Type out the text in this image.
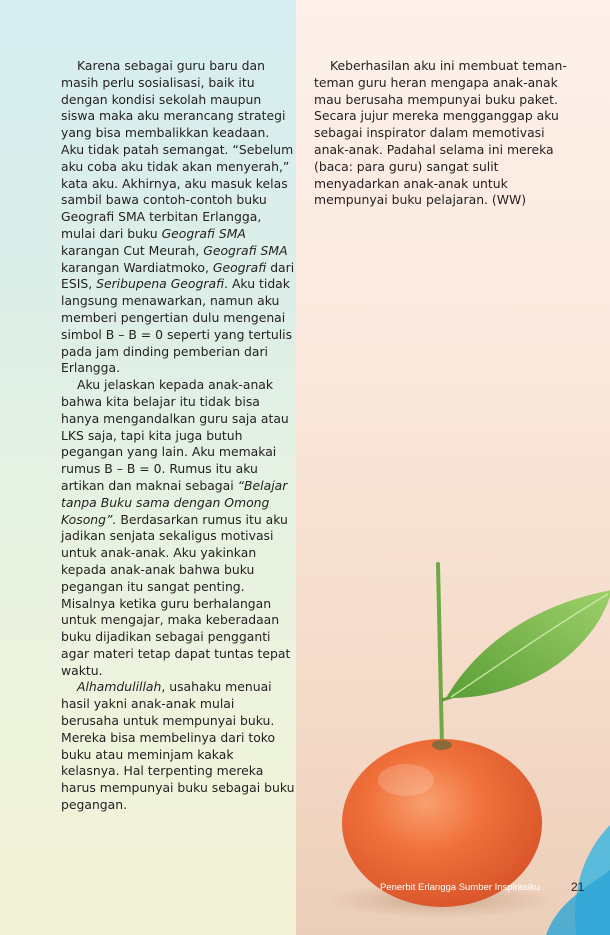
Karena sebagai guru baru dan masih perlu sosialisasi, baik itu dengan kondisi sekolah maupun siswa maka aku merancang strategi yang bisa membalikkan keadaan. Aku tidak patah semangat. “Sebelum aku coba aku tidak akan menyerah,” kata aku. Akhirnya, aku masuk kelas sambil bawa contoh-contoh buku Geografi SMA terbitan Erlangga, mulai dari buku Geografi SMA karangan Cut Meurah, Geografi SMA karangan Wardiatmoko, Geografi dari ESIS, Seribupena Geografi. Aku tidak langsung menawarkan, namun aku memberi pengertian dulu mengenai simbol B – B = 0 seperti yang tertulis pada jam dinding pemberian dari Erlangga.

Aku jelaskan kepada anak-anak bahwa kita belajar itu tidak bisa hanya mengandalkan guru saja atau LKS saja, tapi kita juga butuh pegangan yang lain. Aku memakai rumus B – B = 0. Rumus itu aku artikan dan maknai sebagai “Belajar tanpa Buku sama dengan Omong Kosong”. Berdasarkan rumus itu aku jadikan senjata sekaligus motivasi untuk anak-anak. Aku yakinkan kepada anak-anak bahwa buku pegangan itu sangat penting. Misalnya ketika guru berhalangan untuk mengajar, maka keberadaan buku dijadikan sebagai pengganti agar materi tetap dapat tuntas tepat waktu.

Alhamdulillah, usahaku menuai hasil yakni anak-anak mulai berusaha untuk mempunyai buku. Mereka bisa membelinya dari toko buku atau meminjam kakak kelasnya. Hal terpenting mereka harus mempunyai buku sebagai buku pegangan.

Keberhasilan aku ini membuat teman-teman guru heran mengapa anak-anak mau berusaha mempunyai buku paket. Secara jujur mereka mengganggap aku sebagai inspirator dalam memotivasi anak-anak. Padahal selama ini mereka (baca: para guru) sangat sulit menyadarkan anak-anak untuk mempunyai buku pelajaran. (WW)

Penerbit Erlangga Sumber Inspirasiku	21
